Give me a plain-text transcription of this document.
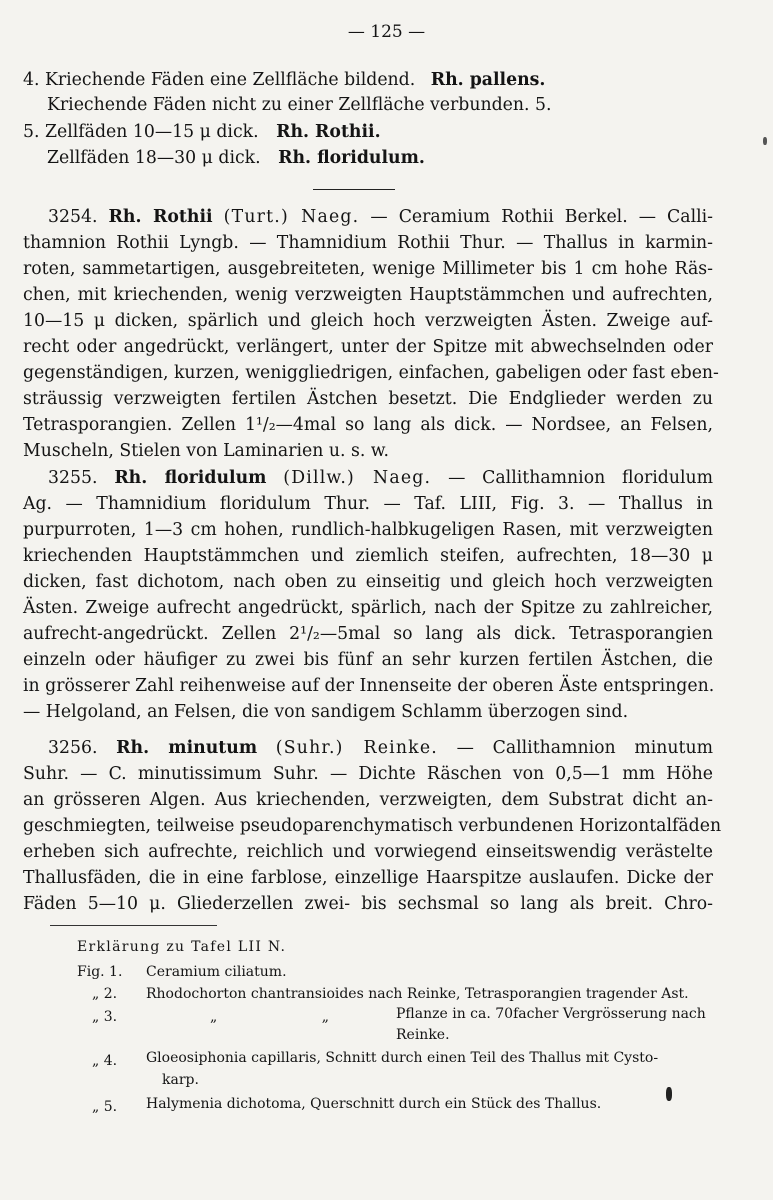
— 125 —
4. Kriechende Fäden eine Zellfläche bildend. Rh. pallens.
Kriechende Fäden nicht zu einer Zellfläche verbunden. 5.
5. Zellfäden 10—15 μ dick. Rh. Rothii.
Zellfäden 18—30 μ dick. Rh. floridulum.
3254. Rh. Rothii (Turt.) Naeg. — Ceramium Rothii Berkel. — Calli-
thamnion Rothii Lyngb. — Thamnidium Rothii Thur. — Thallus in karmin-
roten, sammetartigen, ausgebreiteten, wenige Millimeter bis 1 cm hohe Räs-
chen, mit kriechenden, wenig verzweigten Hauptstämmchen und aufrechten,
10—15 μ dicken, spärlich und gleich hoch verzweigten Ästen. Zweige auf-
recht oder angedrückt, verlängert, unter der Spitze mit abwechselnden oder
gegenständigen, kurzen, weniggliedrigen, einfachen, gabeligen oder fast eben-
sträussig verzweigten fertilen Ästchen besetzt. Die Endglieder werden zu
Tetrasporangien. Zellen 1¹/₂—4mal so lang als dick. — Nordsee, an Felsen,
Muscheln, Stielen von Laminarien u. s. w.
3255. Rh. floridulum (Dillw.) Naeg. — Callithamnion floridulum
Ag. — Thamnidium floridulum Thur. — Taf. LIII, Fig. 3. — Thallus in
purpurroten, 1—3 cm hohen, rundlich-halbkugeligen Rasen, mit verzweigten
kriechenden Hauptstämmchen und ziemlich steifen, aufrechten, 18—30 μ
dicken, fast dichotom, nach oben zu einseitig und gleich hoch verzweigten
Ästen. Zweige aufrecht angedrückt, spärlich, nach der Spitze zu zahlreicher,
aufrecht-angedrückt. Zellen 2¹/₂—5mal so lang als dick. Tetrasporangien
einzeln oder häufiger zu zwei bis fünf an sehr kurzen fertilen Ästchen, die
in grösserer Zahl reihenweise auf der Innenseite der oberen Äste entspringen.
— Helgoland, an Felsen, die von sandigem Schlamm überzogen sind.
3256. Rh. minutum (Suhr.) Reinke. — Callithamnion minutum
Suhr. — C. minutissimum Suhr. — Dichte Räschen von 0,5—1 mm Höhe
an grösseren Algen. Aus kriechenden, verzweigten, dem Substrat dicht an-
geschmiegten, teilweise pseudoparenchymatisch verbundenen Horizontalfäden
erheben sich aufrechte, reichlich und vorwiegend einseitswendig verästelte
Thallusfäden, die in eine farblose, einzellige Haarspitze auslaufen. Dicke der
Fäden 5—10 μ. Gliederzellen zwei- bis sechsmal so lang als breit. Chro-
Erklärung zu Tafel LII N.
Fig. 1. Ceramium ciliatum.
„ 2. Rhodochorton chantransioides nach Reinke, Tetrasporangien tragender Ast.
„ 3.	„ „	Pflanze in ca. 70facher Vergrösserung nach
Reinke.
„ 4. Gloeosiphonia capillaris, Schnitt durch einen Teil des Thallus mit Cysto-
karp.
„ 5. Halymenia dichotoma, Querschnitt durch ein Stück des Thallus.
